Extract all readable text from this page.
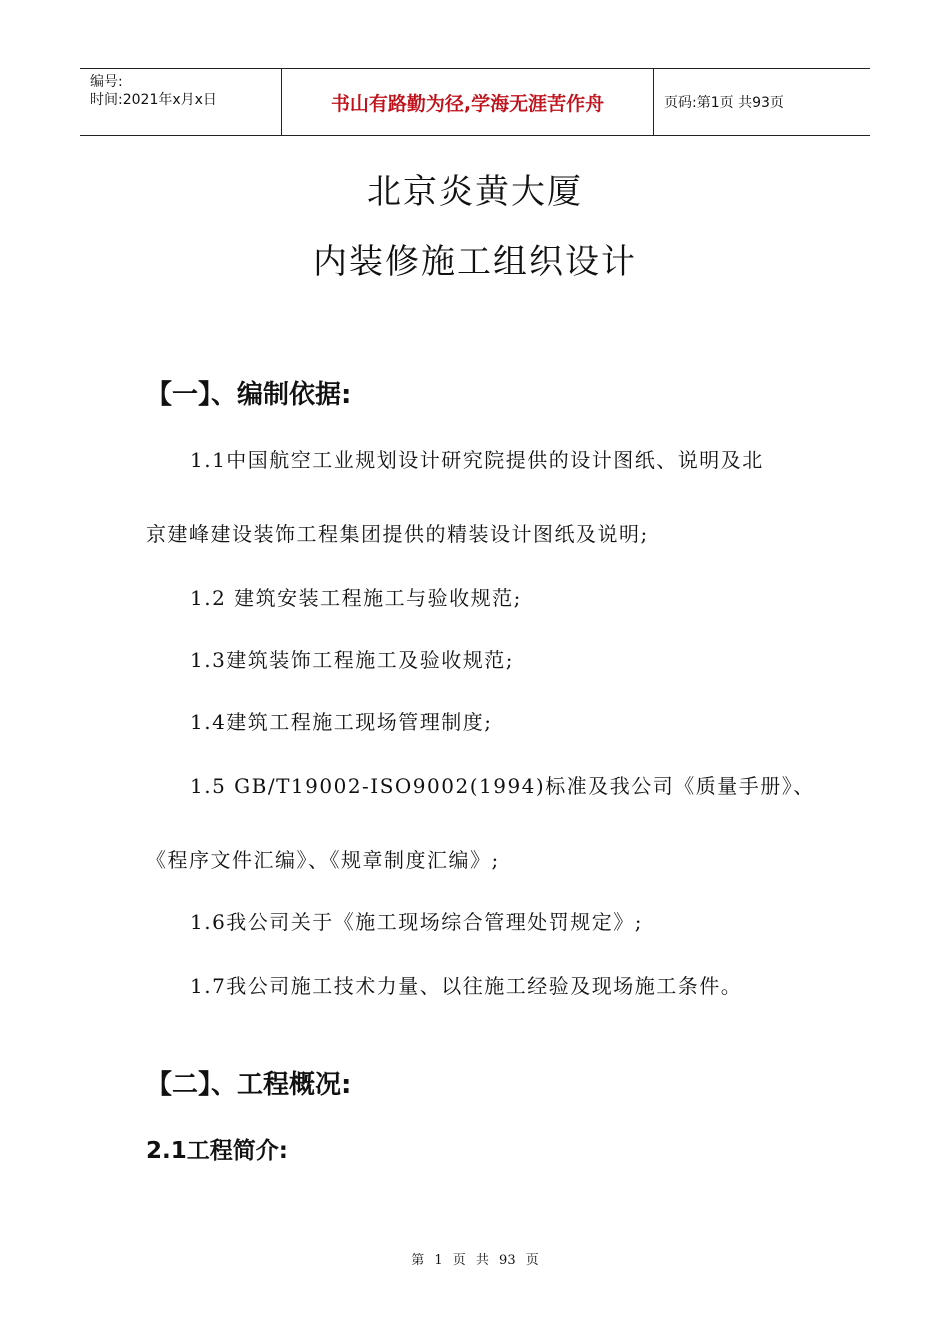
编号:
时间:2021年x月x日	书山有路勤为径,学海无涯苦作舟	页码:第1页 共93页
北京炎黄大厦
内装修施工组织设计
【一】、编制依据:

1.1中国航空工业规划设计研究院提供的设计图纸、说明及北

京建峰建设装饰工程集团提供的精装设计图纸及说明;

1.2 建筑安装工程施工与验收规范;

1.3建筑装饰工程施工及验收规范;

1.4建筑工程施工现场管理制度;

1.5 GB/T19002-ISO9002(1994)标准及我公司《质量手册》、

《程序文件汇编》、《规章制度汇编》;

1.6我公司关于《施工现场综合管理处罚规定》;

1.7我公司施工技术力量、以往施工经验及现场施工条件。

【二】、工程概况:
2.1工程简介:
第 1 页 共 93 页
